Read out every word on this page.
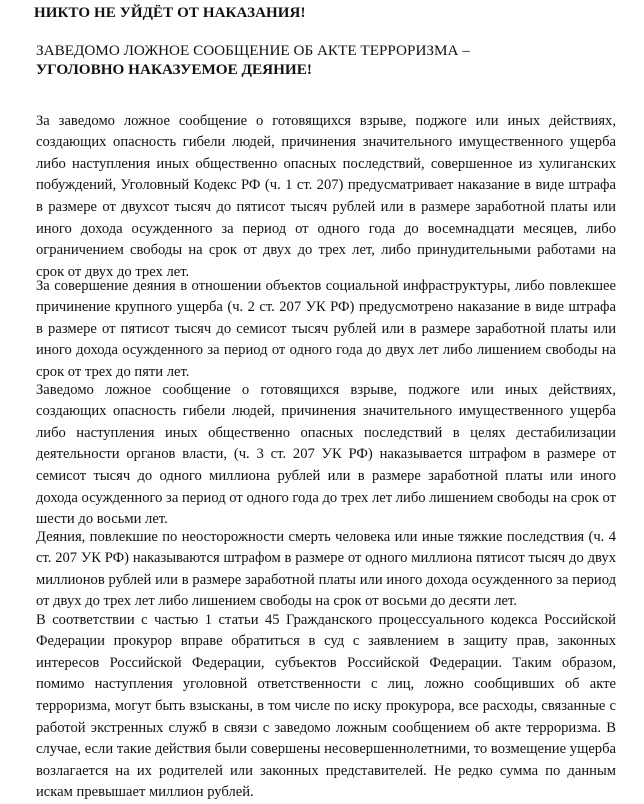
НИКТО НЕ УЙДЁТ ОТ НАКАЗАНИЯ!
ЗАВЕДОМО ЛОЖНОЕ СООБЩЕНИЕ ОБ АКТЕ ТЕРРОРИЗМА –
УГОЛОВНО НАКАЗУЕМОЕ ДЕЯНИЕ!

За заведомо ложное сообщение о готовящихся взрыве, поджоге или иных действиях, создающих опасность гибели людей, причинения значительного имущественного ущерба либо наступления иных общественно опасных последствий, совершенное из хулиганских побуждений, Уголовный Кодекс РФ (ч. 1 ст. 207) предусматривает наказание в виде штрафа в размере от двухсот тысяч до пятисот тысяч рублей или в размере заработной платы или иного дохода осужденного за период от одного года до восемнадцати месяцев, либо ограничением свободы на срок от двух до трех лет, либо принудительными работами на срок от двух до трех лет.

За совершение деяния в отношении объектов социальной инфраструктуры, либо повлекшее причинение крупного ущерба (ч. 2 ст. 207 УК РФ) предусмотрено наказание в виде штрафа в размере от пятисот тысяч до семисот тысяч рублей или в размере заработной платы или иного дохода осужденного за период от одного года до двух лет либо лишением свободы на срок от трех до пяти лет.

Заведомо ложное сообщение о готовящихся взрыве, поджоге или иных действиях, создающих опасность гибели людей, причинения значительного имущественного ущерба либо наступления иных общественно опасных последствий в целях дестабилизации деятельности органов власти, (ч. 3 ст. 207 УК РФ) наказывается штрафом в размере от семисот тысяч до одного миллиона рублей или в размере заработной платы или иного дохода осужденного за период от одного года до трех лет либо лишением свободы на срок от шести до восьми лет.

Деяния, повлекшие по неосторожности смерть человека или иные тяжкие последствия (ч. 4 ст. 207 УК РФ) наказываются штрафом в размере от одного миллиона пятисот тысяч до двух миллионов рублей или в размере заработной платы или иного дохода осужденного за период от двух до трех лет либо лишением свободы на срок от восьми до десяти лет.

В соответствии с частью 1 статьи 45 Гражданского процессуального кодекса Российской Федерации прокурор вправе обратиться в суд с заявлением в защиту прав, законных интересов Российской Федерации, субъектов Российской Федерации. Таким образом, помимо наступления уголовной ответственности с лиц, ложно сообщивших об акте терроризма, могут быть взысканы, в том числе по иску прокурора, все расходы, связанные с работой экстренных служб в связи с заведомо ложным сообщением об акте терроризма. В случае, если такие действия были совершены несовершеннолетними, то возмещение ущерба возлагается на их родителей или законных представителей. Не редко сумма по данным искам превышает миллион рублей.
